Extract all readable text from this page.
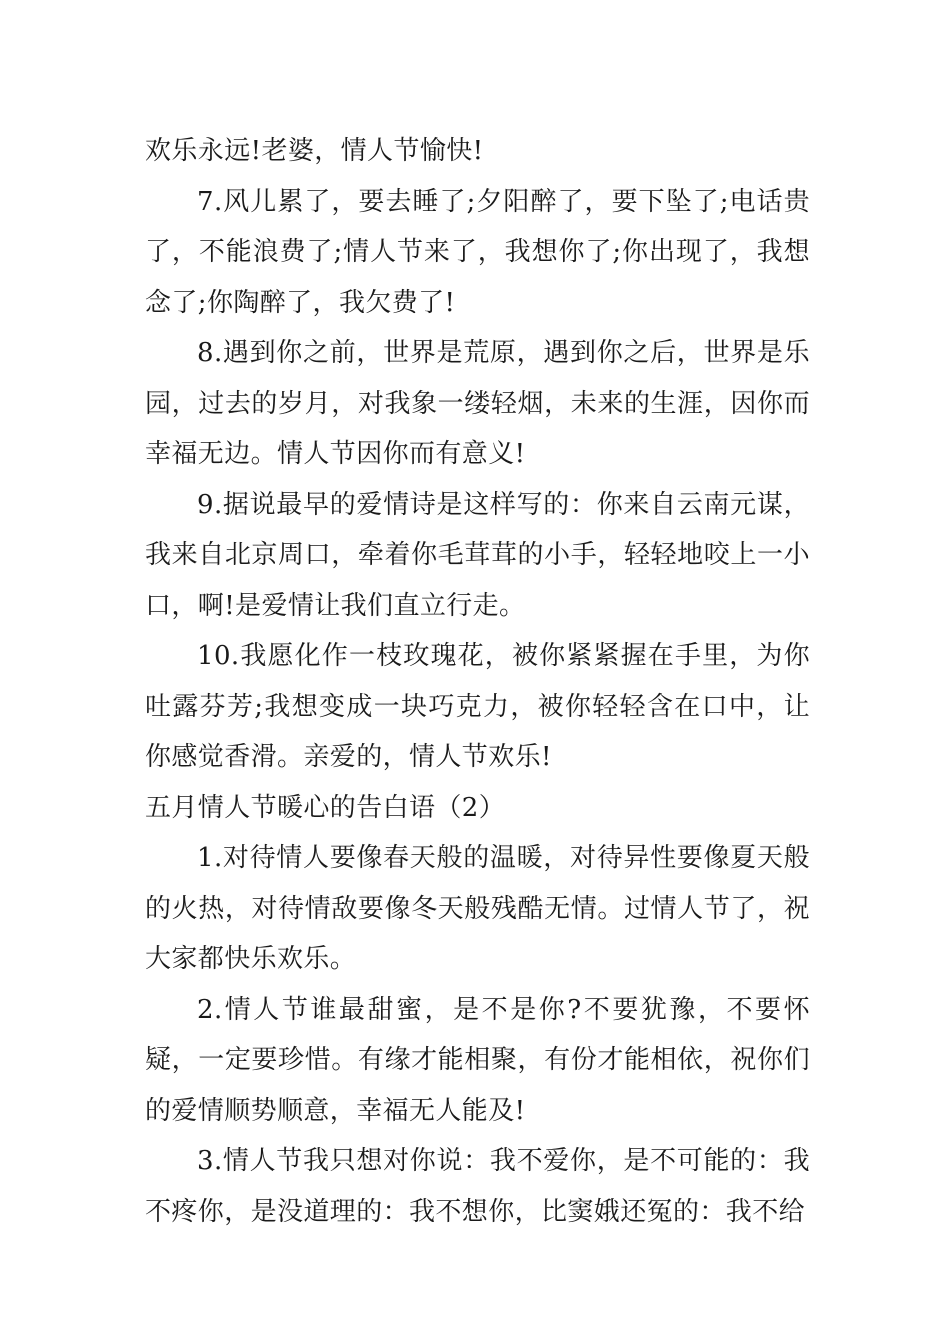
欢乐永远!老婆，情人节愉快!

7.风儿累了，要去睡了;夕阳醉了，要下坠了;电话贵了，不能浪费了;情人节来了，我想你了;你出现了，我想念了;你陶醉了，我欠费了!

8.遇到你之前，世界是荒原，遇到你之后，世界是乐园，过去的岁月，对我象一缕轻烟，未来的生涯，因你而幸福无边。情人节因你而有意义!

9.据说最早的爱情诗是这样写的：你来自云南元谋，我来自北京周口，牵着你毛茸茸的小手，轻轻地咬上一小口，啊!是爱情让我们直立行走。

10.我愿化作一枝玫瑰花，被你紧紧握在手里，为你吐露芬芳;我想变成一块巧克力，被你轻轻含在口中，让你感觉香滑。亲爱的，情人节欢乐!

五月情人节暖心的告白语（2）

1.对待情人要像春天般的温暖，对待异性要像夏天般的火热，对待情敌要像冬天般残酷无情。过情人节了，祝大家都快乐欢乐。

2.情人节谁最甜蜜，是不是你?不要犹豫，不要怀疑，一定要珍惜。有缘才能相聚，有份才能相依，祝你们的爱情顺势顺意，幸福无人能及!

3.情人节我只想对你说：我不爱你，是不可能的：我不疼你，是没道理的：我不想你，比窦娥还冤的：我不给
